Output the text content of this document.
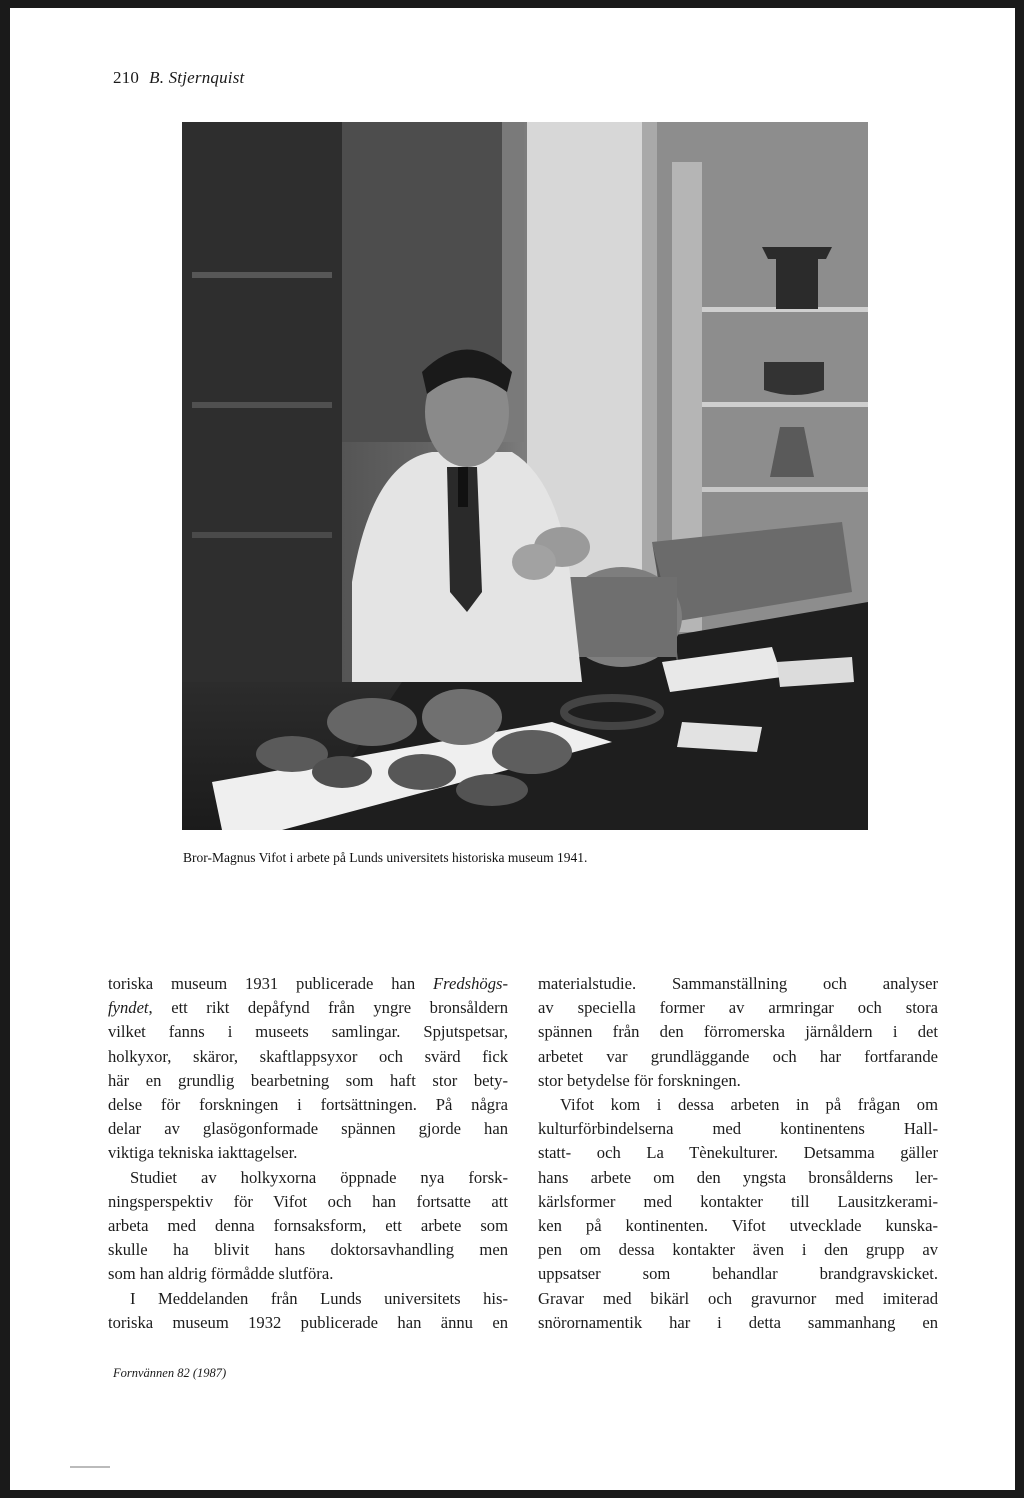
210 B. Stjernquist
Bror-Magnus Vifot i arbete på Lunds universitets historiska museum 1941.
toriska museum 1931 publicerade han Fredshögs-
fyndet, ett rikt depåfynd från yngre bronsåldern
vilket fanns i museets samlingar. Spjutspetsar,
holkyxor, skäror, skaftlappsyxor och svärd fick
här en grundlig bearbetning som haft stor bety-
delse för forskningen i fortsättningen. På några
delar av glasögonformade spännen gjorde han
viktiga tekniska iakttagelser.
Studiet av holkyxorna öppnade nya forsk-
ningsperspektiv för Vifot och han fortsatte att
arbeta med denna fornsaksform, ett arbete som
skulle ha blivit hans doktorsavhandling men
som han aldrig förmådde slutföra.
I Meddelanden från Lunds universitets his-
toriska museum 1932 publicerade han ännu en
materialstudie. Sammanställning och analyser
av speciella former av armringar och stora
spännen från den förromerska järnåldern i det
arbetet var grundläggande och har fortfarande
stor betydelse för forskningen.
Vifot kom i dessa arbeten in på frågan om
kulturförbindelserna med kontinentens Hall-
statt- och La Tènekulturer. Detsamma gäller
hans arbete om den yngsta bronsålderns ler-
kärlsformer med kontakter till Lausitzkerami-
ken på kontinenten. Vifot utvecklade kunska-
pen om dessa kontakter även i den grupp av
uppsatser som behandlar brandgravskicket.
Gravar med bikärl och gravurnor med imiterad
snörornamentik har i detta sammanhang en
Fornvännen 82 (1987)
